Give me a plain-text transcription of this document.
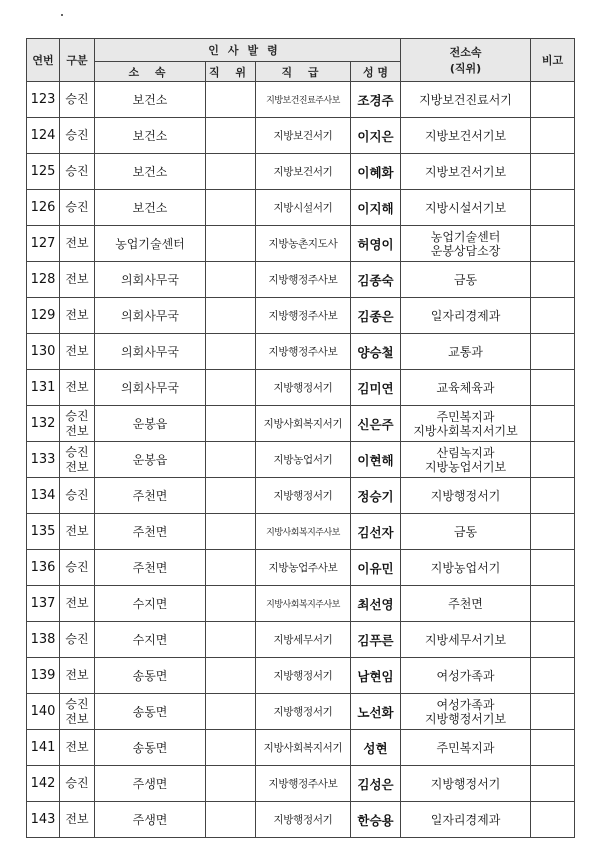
연번	구분	인사발령				전소속
(직위)	비고
		소 속	직 위	직 급	성 명		
123	승진	보건소		지방보건진료주사보	조경주	지방보건진료서기	

124	승진	보건소		지방보건서기	이지은	지방보건서기보	

125	승진	보건소		지방보건서기	이혜화	지방보건서기보	

126	승진	보건소		지방시설서기	이지해	지방시설서기보	

127	전보	농업기술센터		지방농촌지도사	허영이	농업기술센터
운봉상담소장	

128	전보	의회사무국		지방행정주사보	김종숙	금동	

129	전보	의회사무국		지방행정주사보	김종은	일자리경제과	

130	전보	의회사무국		지방행정주사보	양승철	교통과	

131	전보	의회사무국		지방행정서기	김미연	교육체육과	

132	승진
전보	운봉읍		지방사회복지서기	신은주	주민복지과
지방사회복지서기보	

133	승진
전보	운봉읍		지방농업서기	이현해	산림녹지과
지방농업서기보	

134	승진	주천면		지방행정서기	정승기	지방행정서기	

135	전보	주천면		지방사회복지주사보	김선자	금동	

136	승진	주천면		지방농업주사보	이유민	지방농업서기	

137	전보	수지면		지방사회복지주사보	최선영	주천면	

138	승진	수지면		지방세무서기	김푸른	지방세무서기보	

139	전보	송동면		지방행정서기	남현임	여성가족과	

140	승진
전보	송동면		지방행정서기	노선화	여성가족과
지방행정서기보	

141	전보	송동면		지방사회복지서기	성현	주민복지과	

142	승진	주생면		지방행정주사보	김성은	지방행정서기	

143	전보	주생면		지방행정서기	한승용	일자리경제과	
